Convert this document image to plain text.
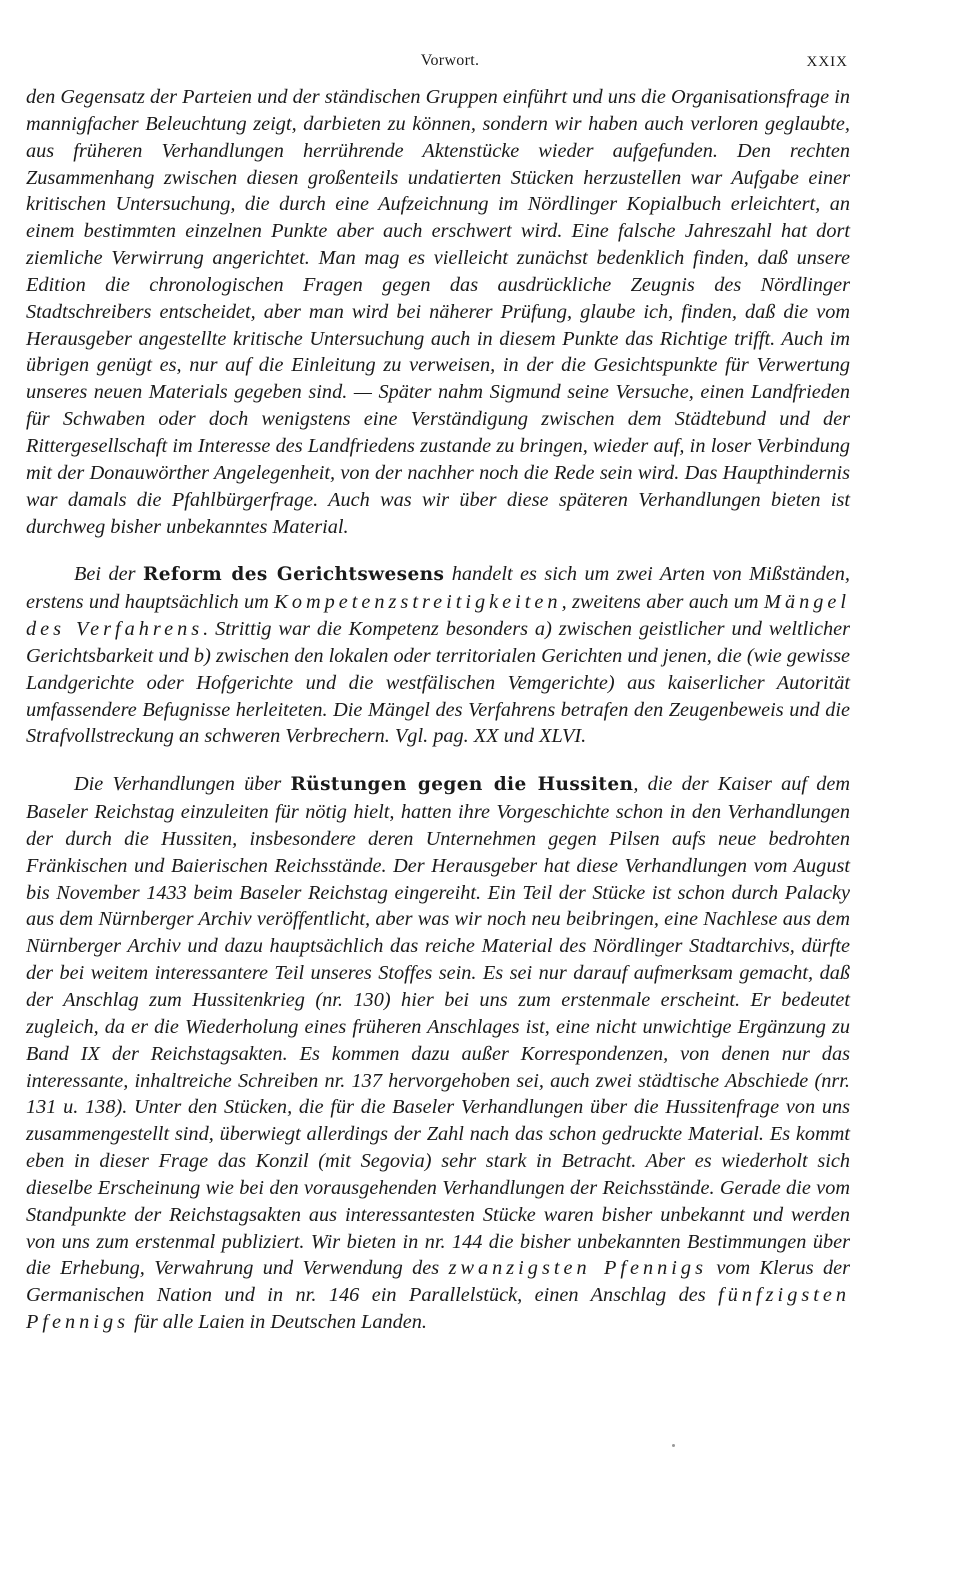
Vorwort.	XXIX

den Gegensatz der Parteien und der ständischen Gruppen einführt und uns die Organisationsfrage in mannigfacher Beleuchtung zeigt, darbieten zu können, sondern wir haben auch verloren geglaubte, aus früheren Verhandlungen herrührende Aktenstücke wieder aufgefunden. Den rechten Zusammenhang zwischen diesen großenteils undatierten Stücken herzustellen war Aufgabe einer kritischen Untersuchung, die durch eine Aufzeichnung im Nördlinger Kopialbuch erleichtert, an einem bestimmten einzelnen Punkte aber auch erschwert wird. Eine falsche Jahreszahl hat dort ziemliche Verwirrung angerichtet. Man mag es vielleicht zunächst bedenklich finden, daß unsere Edition die chronologischen Fragen gegen das ausdrückliche Zeugnis des Nördlinger Stadtschreibers entscheidet, aber man wird bei näherer Prüfung, glaube ich, finden, daß die vom Herausgeber angestellte kritische Untersuchung auch in diesem Punkte das Richtige trifft. Auch im übrigen genügt es, nur auf die Einleitung zu verweisen, in der die Gesichtspunkte für Verwertung unseres neuen Materials gegeben sind. — Später nahm Sigmund seine Versuche, einen Landfrieden für Schwaben oder doch wenigstens eine Verständigung zwischen dem Städtebund und der Rittergesellschaft im Interesse des Landfriedens zustande zu bringen, wieder auf, in loser Verbindung mit der Donauwörther Angelegenheit, von der nachher noch die Rede sein wird. Das Haupthindernis war damals die Pfahlbürgerfrage. Auch was wir über diese späteren Verhandlungen bieten ist durchweg bisher unbekanntes Material.

Bei der Reform des Gerichtswesens handelt es sich um zwei Arten von Mißständen, erstens und hauptsächlich um Kompetenzstreitigkeiten, zweitens aber auch um Mängel des Verfahrens. Strittig war die Kompetenz besonders a) zwischen geistlicher und weltlicher Gerichtsbarkeit und b) zwischen den lokalen oder territorialen Gerichten und jenen, die (wie gewisse Landgerichte oder Hofgerichte und die westfälischen Vemgerichte) aus kaiserlicher Autorität umfassendere Befugnisse herleiteten. Die Mängel des Verfahrens betrafen den Zeugenbeweis und die Strafvollstreckung an schweren Verbrechern. Vgl. pag. XX und XLVI.

Die Verhandlungen über Rüstungen gegen die Hussiten, die der Kaiser auf dem Baseler Reichstag einzuleiten für nötig hielt, hatten ihre Vorgeschichte schon in den Verhandlungen der durch die Hussiten, insbesondere deren Unternehmen gegen Pilsen aufs neue bedrohten Fränkischen und Baierischen Reichsstände. Der Herausgeber hat diese Verhandlungen vom August bis November 1433 beim Baseler Reichstag eingereiht. Ein Teil der Stücke ist schon durch Palacky aus dem Nürnberger Archiv veröffentlicht, aber was wir noch neu beibringen, eine Nachlese aus dem Nürnberger Archiv und dazu hauptsächlich das reiche Material des Nördlinger Stadtarchivs, dürfte der bei weitem interessantere Teil unseres Stoffes sein. Es sei nur darauf aufmerksam gemacht, daß der Anschlag zum Hussitenkrieg (nr. 130) hier bei uns zum erstenmale erscheint. Er bedeutet zugleich, da er die Wiederholung eines früheren Anschlages ist, eine nicht unwichtige Ergänzung zu Band IX der Reichstagsakten. Es kommen dazu außer Korrespondenzen, von denen nur das interessante, inhaltreiche Schreiben nr. 137 hervorgehoben sei, auch zwei städtische Abschiede (nrr. 131 u. 138). Unter den Stücken, die für die Baseler Verhandlungen über die Hussitenfrage von uns zusammengestellt sind, überwiegt allerdings der Zahl nach das schon gedruckte Material. Es kommt eben in dieser Frage das Konzil (mit Segovia) sehr stark in Betracht. Aber es wiederholt sich dieselbe Erscheinung wie bei den vorausgehenden Verhandlungen der Reichsstände. Gerade die vom Standpunkte der Reichstagsakten aus interessantesten Stücke waren bisher unbekannt und werden von uns zum erstenmal publiziert. Wir bieten in nr. 144 die bisher unbekannten Bestimmungen über die Erhebung, Verwahrung und Verwendung des zwanzigsten Pfennigs vom Klerus der Germanischen Nation und in nr. 146 ein Parallelstück, einen Anschlag des fünfzigsten Pfennigs für alle Laien in Deutschen Landen.
